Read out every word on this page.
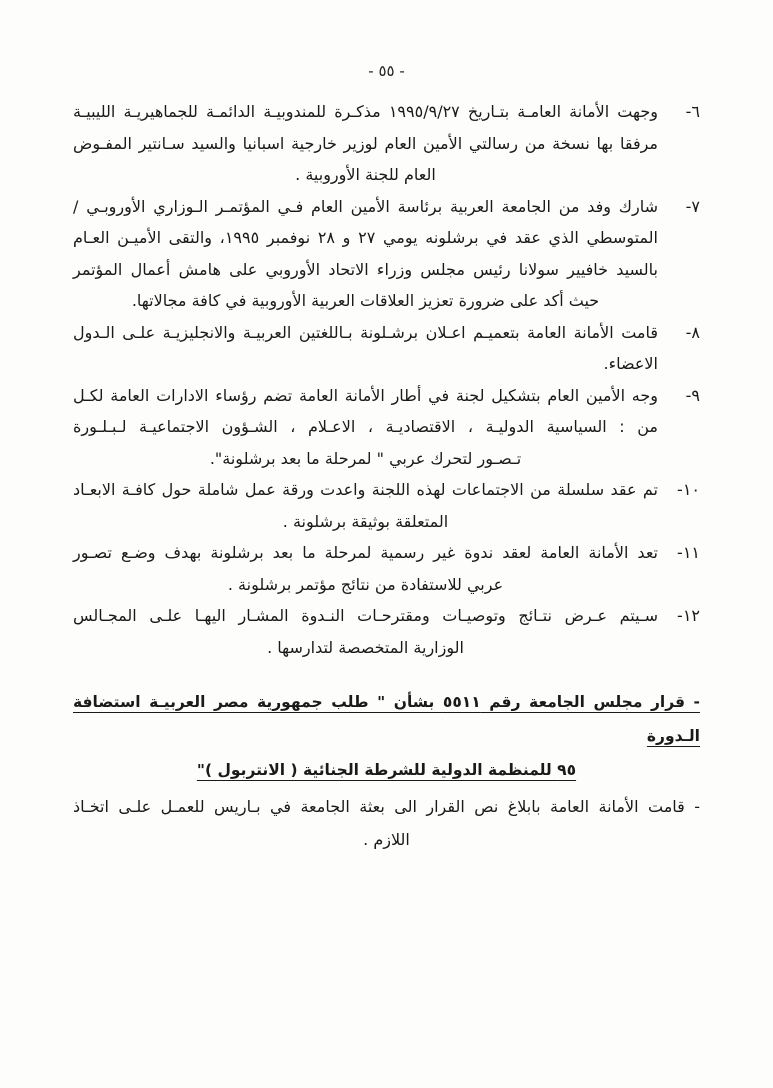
- ٥٥ -
٦-
وجهت الأمانة العامـة بتـاريخ ١٩٩٥/٩/٢٧ مذكـرة للمندوبيـة الدائمـة للجماهيريـة الليبيـة
مرفقا بها نسخة من رسالتي الأمين العام لوزير خارجية اسبانيا والسيد سـانتير المفـوض
العام للجنة الأوروبية .
٧-
شارك وفد من الجامعة العربية برئاسة الأمين العام فـي المؤتمـر الـوزاري الأوروبـي /
المتوسطي الذي عقد في برشلونه يومي ٢٧ و ٢٨ نوفمبر ١٩٩٥، والتقى الأميـن العـام
بالسيد خافيير سولانا رئيس مجلس وزراء الاتحاد الأوروبي على هامش أعمال المؤتمر
حيث أكد على ضرورة تعزيز العلاقات العربية الأوروبية في كافة مجالاتها.
٨-
قامت الأمانة العامة بتعميـم اعـلان برشـلونة بـاللغتين العربيـة والانجليزيـة علـى الـدول
الاعضاء.
٩-
وجه الأمين العام بتشكيل لجنة في أطار الأمانة العامة تضم رؤساء الادارات العامة لكـل
من : السياسية الدوليـة ، الاقتصاديـة ، الاعـلام ، الشـؤون الاجتماعيـة لـبـلـورة
تـصـور لتحرك عربي " لمرحلة ما بعد برشلونة".
١٠-
تم عقد سلسلة من الاجتماعات لهذه اللجنة واعدت ورقة عمل شاملة حول كافـة الابعـاد
المتعلقة بوثيقة برشلونة .
١١-
تعد الأمانة العامة لعقد ندوة غير رسمية لمرحلة ما بعد برشلونة بهدف وضـع تصـور
عربي للاستفادة من نتائج مؤتمر برشلونة .
١٢-
سـيتم عـرض نتـائج وتوصيـات ومقترحـات النـدوة المشـار اليهـا علـى المجـالس
الوزارية المتخصصة لتدارسها .
- قرار مجلس الجامعة رقم ٥٥١١ بشأن " طلب جمهورية مصر العربيـة استضافة الـدورة
٩٥ للمنظمة الدولية للشرطة الجنائية ( الانتربول )"
- قامت الأمانة العامة بابلاغ نص القرار الى بعثة الجامعة في بـاريس للعمـل علـى اتخـاذ
اللازم .
